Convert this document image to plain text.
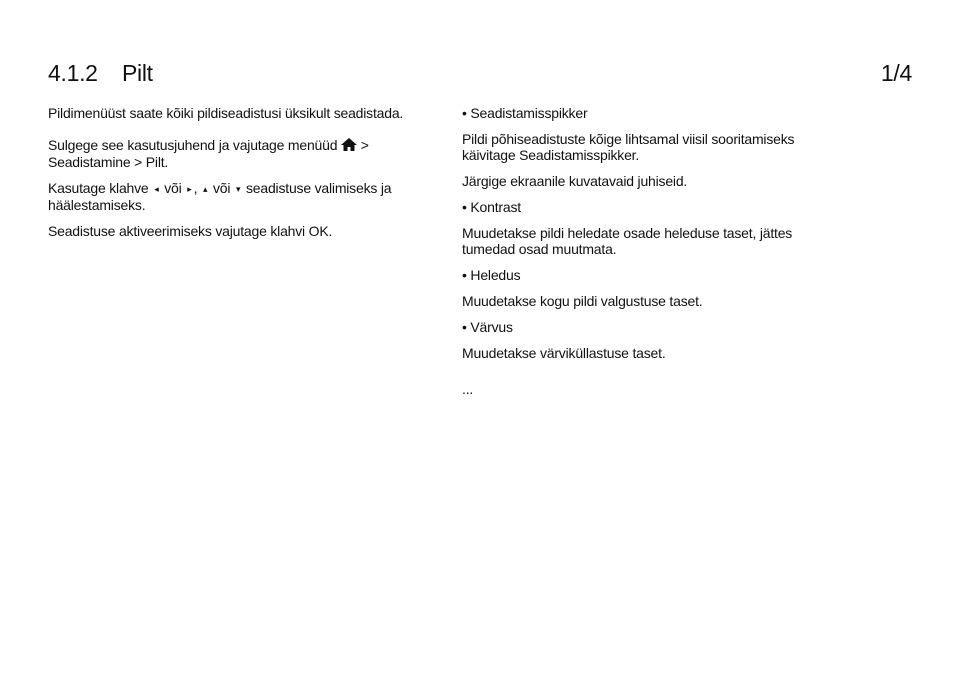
4.1.2 Pilt	1/4

Pildimenüüst saate kõiki pildiseadistusi üksikult seadistada.

Sulgege see kasutusjuhend ja vajutage menüüd  > Seadistamine > Pilt.

Kasutage klahve ◂ või ▸ , ▴ või ▾ seadistuse valimiseks ja häälestamiseks.

Seadistuse aktiveerimiseks vajutage klahvi OK.

• Seadistamisspikker

Pildi põhiseadistuste kõige lihtsamal viisil sooritamiseks käivitage Seadistamisspikker.

Järgige ekraanile kuvatavaid juhiseid.

• Kontrast

Muudetakse pildi heledate osade heleduse taset, jättes tumedad osad muutmata.

• Heledus

Muudetakse kogu pildi valgustuse taset.

• Värvus

Muudetakse värviküllastuse taset.

...
